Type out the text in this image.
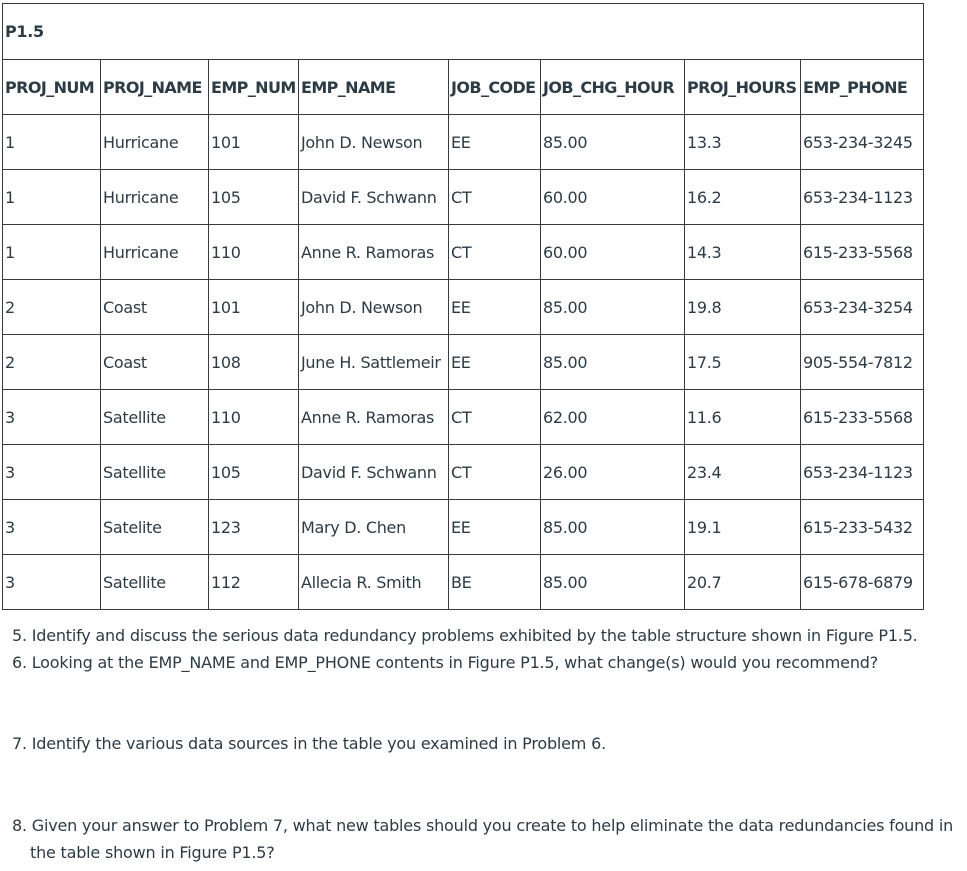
P1.5							
PROJ_NUM	PROJ_NAME	EMP_NUM	EMP_NAME	JOB_CODE	JOB_CHG_HOUR	PROJ_HOURS	EMP_PHONE
1	Hurricane	101	John D. Newson	EE	85.00	13.3	653-234-3245
1	Hurricane	105	David F. Schwann	CT	60.00	16.2	653-234-1123
1	Hurricane	110	Anne R. Ramoras	CT	60.00	14.3	615-233-5568
2	Coast	101	John D. Newson	EE	85.00	19.8	653-234-3254
2	Coast	108	June H. Sattlemeir	EE	85.00	17.5	905-554-7812
3	Satellite	110	Anne R. Ramoras	CT	62.00	11.6	615-233-5568
3	Satellite	105	David F. Schwann	CT	26.00	23.4	653-234-1123
3	Satelite	123	Mary D. Chen	EE	85.00	19.1	615-233-5432
3	Satellite	112	Allecia R. Smith	BE	85.00	20.7	615-678-6879

5. Identify and discuss the serious data redundancy problems exhibited by the table structure shown in Figure P1.5.

6. Looking at the EMP_NAME and EMP_PHONE contents in Figure P1.5, what change(s) would you recommend?

7. Identify the various data sources in the table you examined in Problem 6.

8. Given your answer to Problem 7, what new tables should you create to help eliminate the data redundancies found in the table shown in Figure P1.5?
